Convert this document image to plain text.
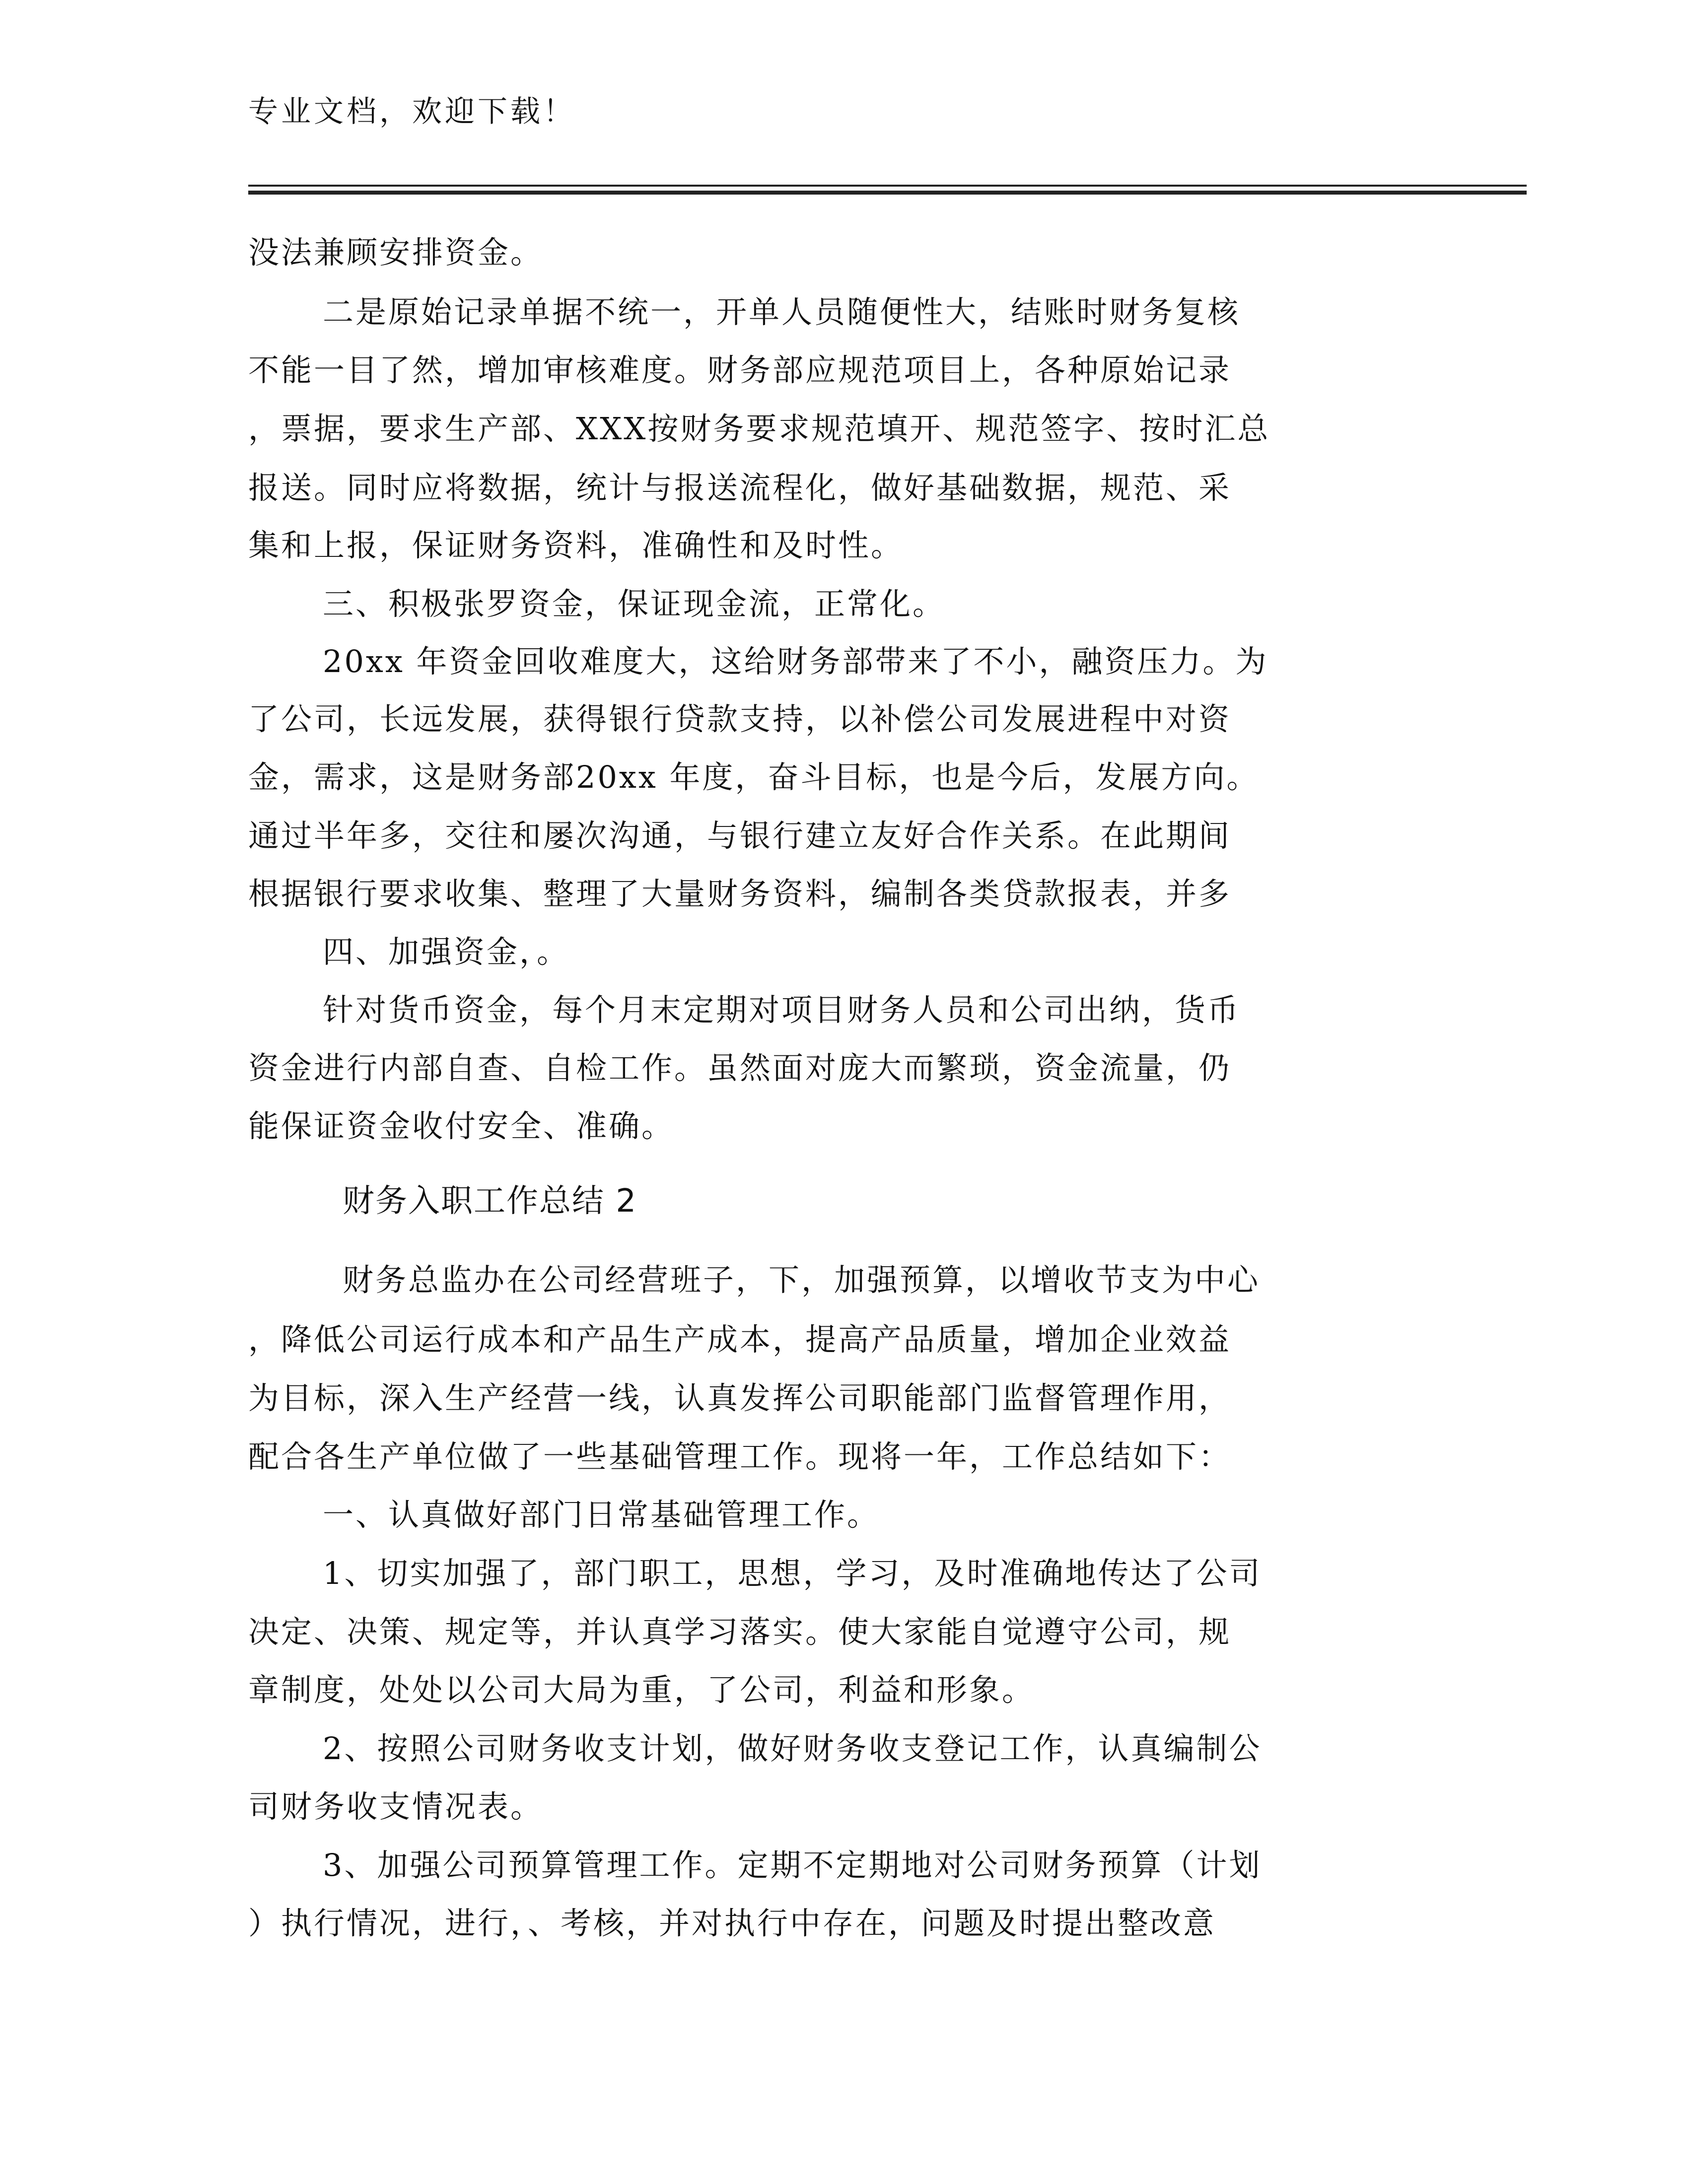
专业文档，欢迎下载！
没法兼顾安排资金。
二是原始记录单据不统一，开单人员随便性大，结账时财务复核
不能一目了然，增加审核难度。财务部应规范项目上，各种原始记录
，票据，要求生产部、XXX按财务要求规范填开、规范签字、按时汇总
报送。同时应将数据，统计与报送流程化，做好基础数据，规范、采
集和上报，保证财务资料，准确性和及时性。
三、积极张罗资金，保证现金流，正常化。
20xx 年资金回收难度大，这给财务部带来了不小，融资压力。为
了公司，长远发展，获得银行贷款支持，以补偿公司发展进程中对资
金，需求，这是财务部20xx 年度，奋斗目标，也是今后，发展方向。
通过半年多，交往和屡次沟通，与银行建立友好合作关系。在此期间
根据银行要求收集、整理了大量财务资料，编制各类贷款报表，并多
四、加强资金，。
针对货币资金，每个月末定期对项目财务人员和公司出纳，货币
资金进行内部自查、自检工作。虽然面对庞大而繁琐，资金流量，仍
能保证资金收付安全、准确。
财务入职工作总结 2
财务总监办在公司经营班子，下，加强预算，以增收节支为中心
，降低公司运行成本和产品生产成本，提高产品质量，增加企业效益
为目标，深入生产经营一线，认真发挥公司职能部门监督管理作用，
配合各生产单位做了一些基础管理工作。现将一年，工作总结如下：
一、认真做好部门日常基础管理工作。
1、切实加强了，部门职工，思想，学习，及时准确地传达了公司
决定、决策、规定等，并认真学习落实。使大家能自觉遵守公司，规
章制度，处处以公司大局为重，了公司，利益和形象。
2、按照公司财务收支计划，做好财务收支登记工作，认真编制公
司财务收支情况表。
3、加强公司预算管理工作。定期不定期地对公司财务预算（计划
）执行情况，进行，、考核，并对执行中存在，问题及时提出整改意
